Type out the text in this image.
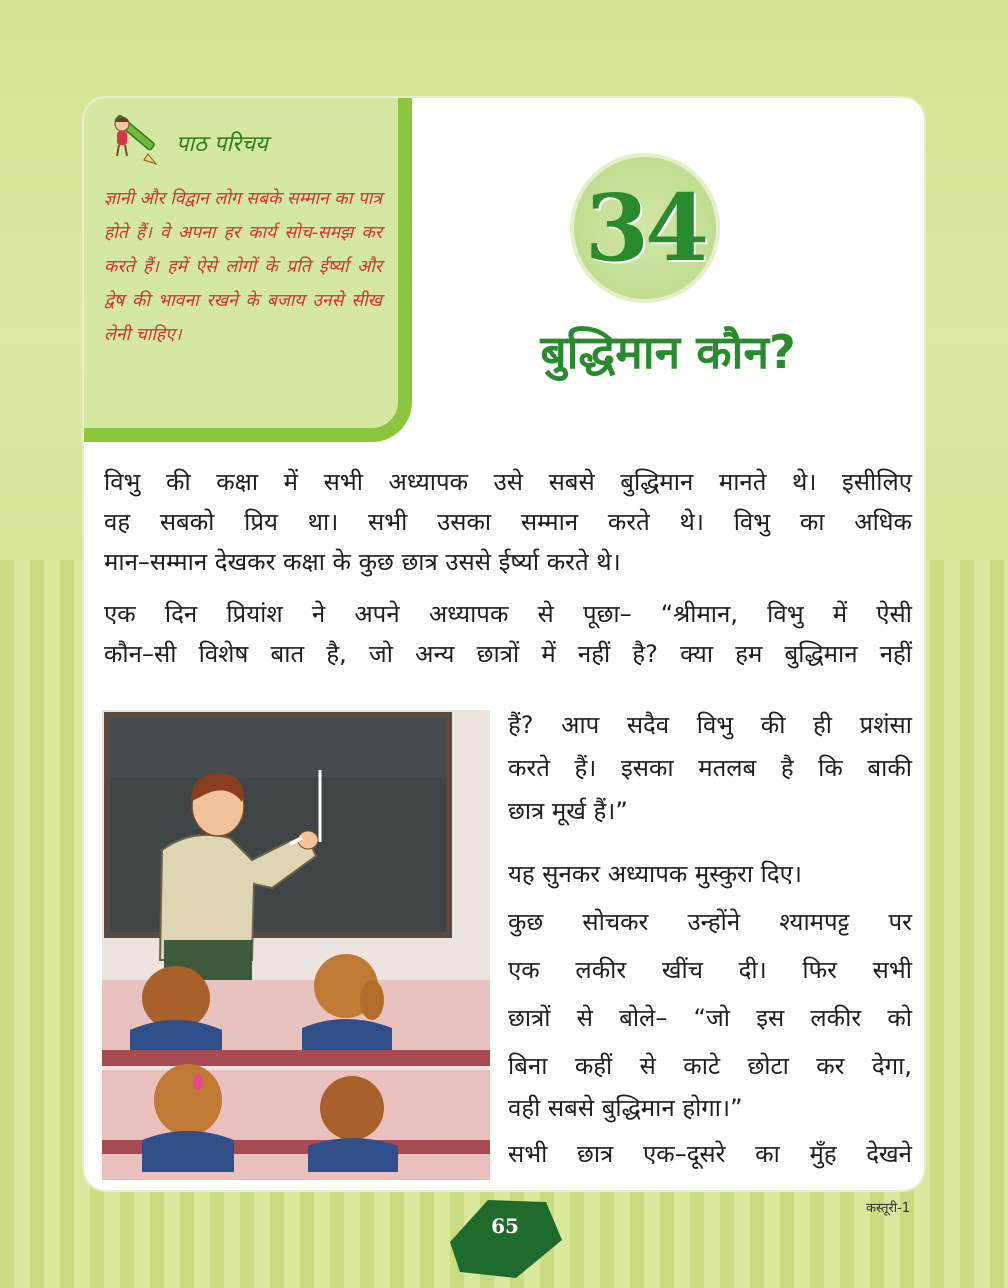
पाठ परिचय
ज्ञानी और विद्वान लोग सबके सम्मान का पात्र होते हैं। वे अपना हर कार्य सोच-समझ कर करते हैं। हमें ऐसे लोगों के प्रति ईर्ष्या और द्वेष की भावना रखने के बजाय उनसे सीख लेनी चाहिए।
34
बुद्धिमान कौन?
विभु की कक्षा में सभी अध्यापक उसे सबसे बुद्धिमान मानते थे। इसीलिए
वह सबको प्रिय था। सभी उसका सम्मान करते थे। विभु का अधिक
मान–सम्मान देखकर कक्षा के कुछ छात्र उससे ईर्ष्या करते थे।
एक दिन प्रियांश ने अपने अध्यापक से पूछा– “श्रीमान, विभु में ऐसी
कौन–सी विशेष बात है, जो अन्य छात्रों में नहीं है? क्या हम बुद्धिमान नहीं
हैं? आप सदैव विभु की ही प्रशंसा
करते हैं। इसका मतलब है कि बाकी
छात्र मूर्ख हैं।”
यह सुनकर अध्यापक मुस्कुरा दिए।
कुछ सोचकर उन्होंने श्यामपट्ट पर
एक लकीर खींच दी। फिर सभी
छात्रों से बोले– “जो इस लकीर को
बिना कहीं से काटे छोटा कर देगा,
वही सबसे बुद्धिमान होगा।”
सभी छात्र एक–दूसरे का मुँह देखने
65
कस्तूरी-1
